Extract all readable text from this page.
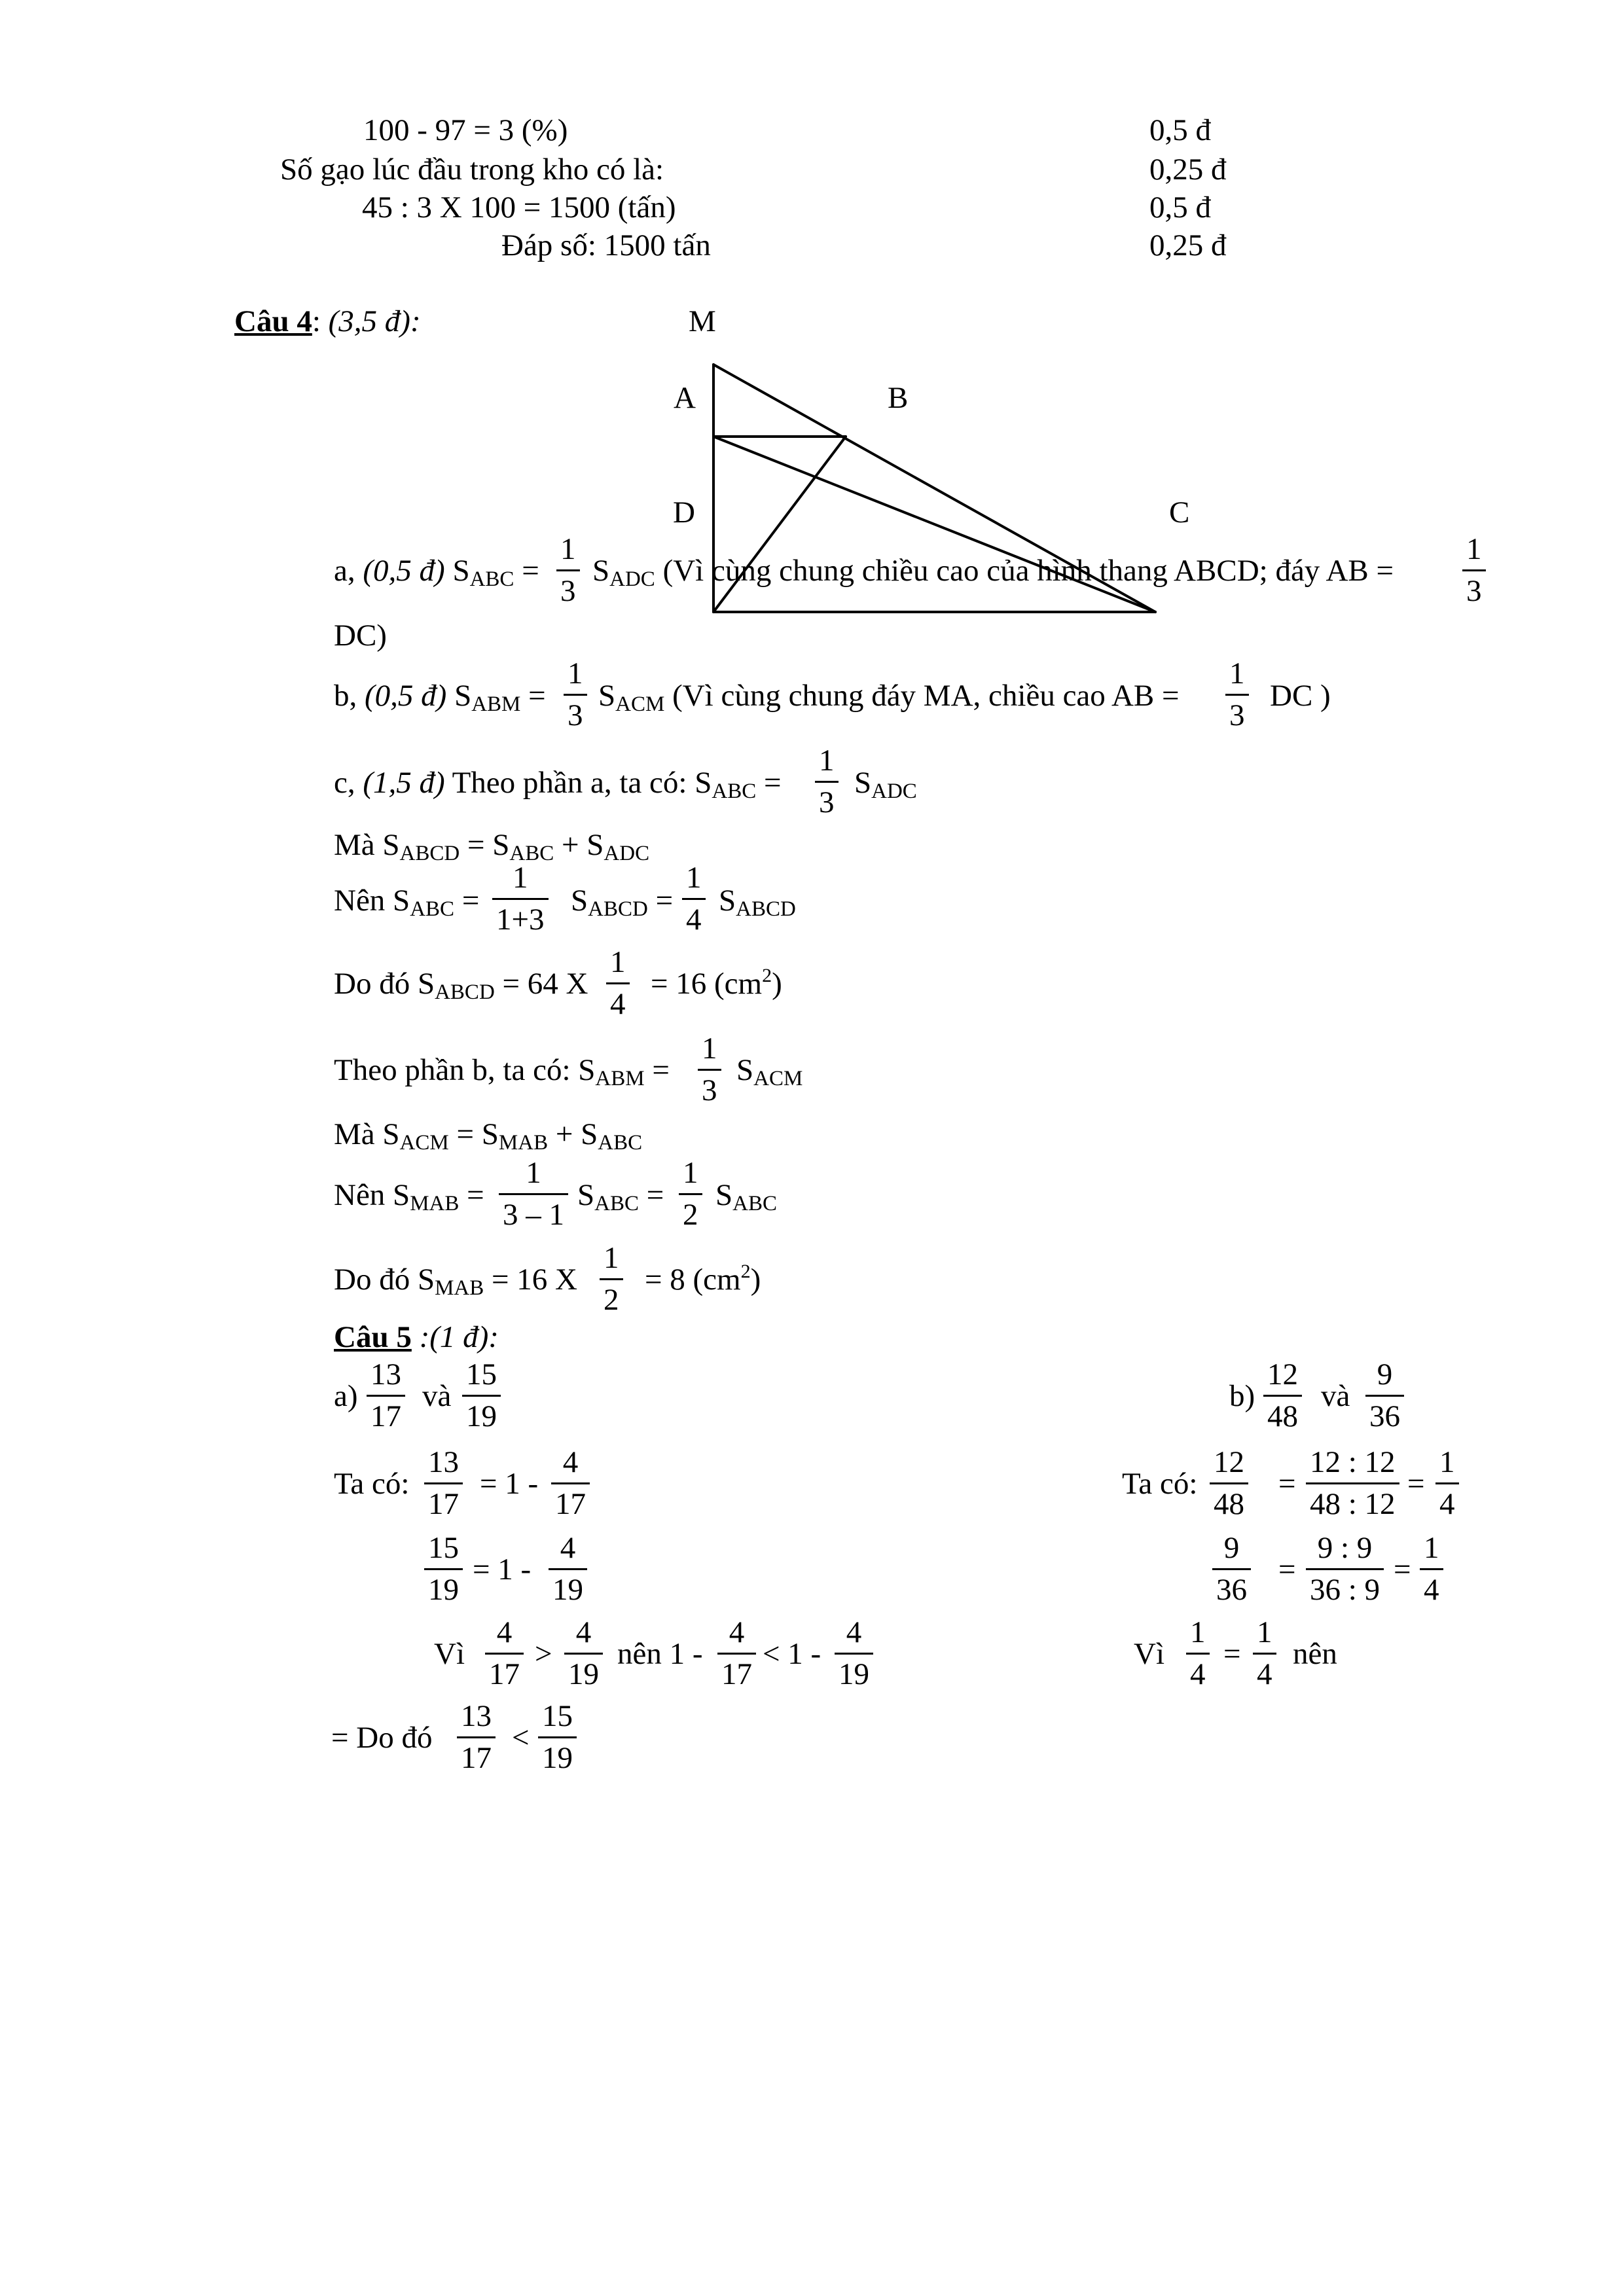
100 - 97 = 3 (%)	0,5 đ
Số gạo lúc đầu trong kho có là:	0,25 đ
45 : 3 X 100 = 1500 (tấn)	0,5 đ
Đáp số: 1500 tấn	0,25 đ
Câu 4: (3,5 đ):	M
A	B
D	C
a, (0,5 đ) SABC =
1
3
SADC (Vì cùng chung chiều cao của hình thang ABCD; đáy AB =
1
3
DC)
b, (0,5 đ) SABM =
1
3
SACM (Vì cùng chung đáy MA, chiều cao AB =
1
3
DC )
c, (1,5 đ) Theo phần a, ta có: SABC =
1
3
SADC
Mà SABCD = SABC + SADC
Nên SABC =
1
1+3
SABCD =
1
4
SABCD
Do đó SABCD = 64 X
1
4
= 16 $(cm^2)$
Theo phần b, ta có: SABM =
1
3
SACM
Mà SACM = SMAB + SABC
Nên SMAB =
1
3 – 1
SABC =
1
2
SABC
Do đó SMAB = 16 X
1
2
= 8 $(cm^2)$
Câu 5 :(1 đ):
a)
13
17
và
15
19
b)
12
48
và
9
36
Ta có:
13
17
= 1 -
4
17
15
19
= 1 -
4
19
Vì
4
17
>
4
19
nên 1 -
4
17
< 1 -
4
19
= Do đó
13
17
<
15
19
Ta có:
12
48
=
12 : 12
48 : 12
=
1
4
9
36
=
9 : 9
36 : 9
=
1
4
Vì
1
4
=
1
4
nên
